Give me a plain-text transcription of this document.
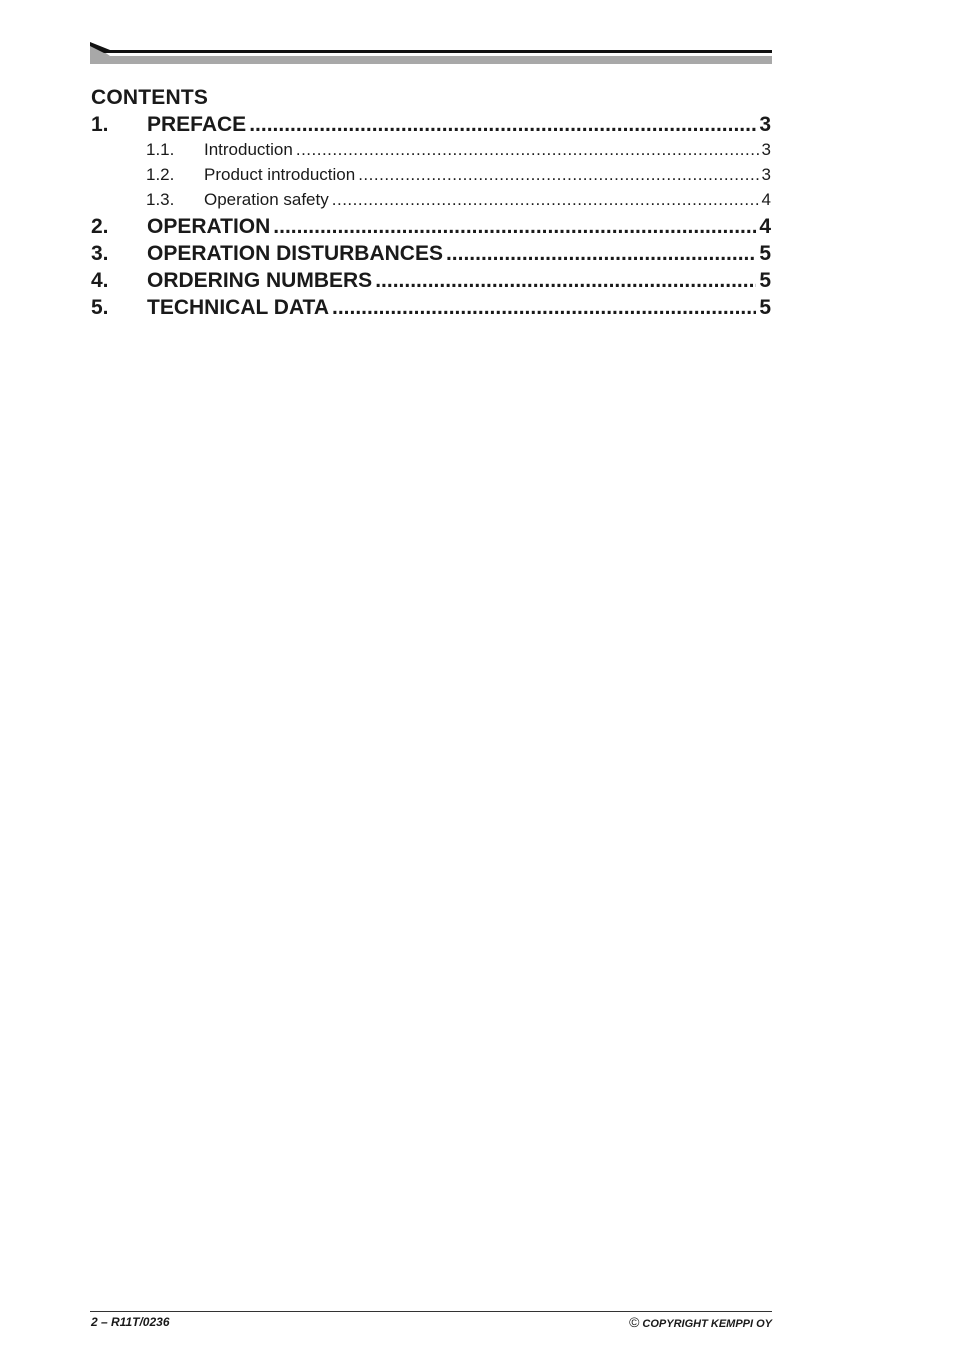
CONTENTS
1.	PREFACE .....	3
1.1.	Introduction .....	3
1.2.	Product introduction .....	3
1.3.	Operation safety .....	4
2.	OPERATION .....	4
3.	OPERATION DISTURBANCES .....	5
4.	ORDERING NUMBERS .....	5
5.	TECHNICAL DATA .....	5
2 – R11T/0236	© COPYRIGHT KEMPPI OY
